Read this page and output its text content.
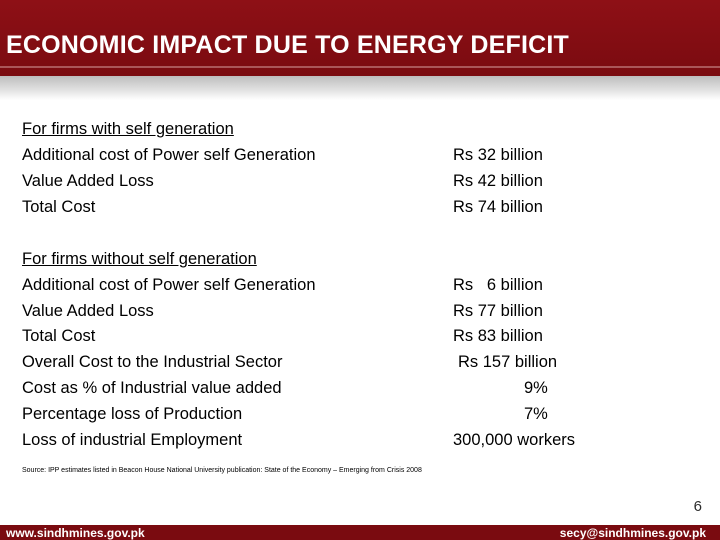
ECONOMIC IMPACT DUE TO ENERGY DEFICIT
For firms with self generation
Additional cost of Power self Generation	Rs 32 billion
Value Added Loss	Rs 42 billion
Total Cost	Rs 74 billion
For firms without self generation
Additional cost of Power self Generation	Rs   6 billion
Value Added Loss	Rs 77 billion
Total Cost	Rs 83 billion
Overall Cost to the Industrial Sector	Rs 157 billion
Cost as % of Industrial value added	9%
Percentage loss of Production	7%
Loss of industrial Employment	300,000 workers
Source: IPP estimates listed in Beacon House National University publication: State of the Economy – Emerging from Crisis 2008
6
www.sindhmines.gov.pk	secy@sindhmines.gov.pk
